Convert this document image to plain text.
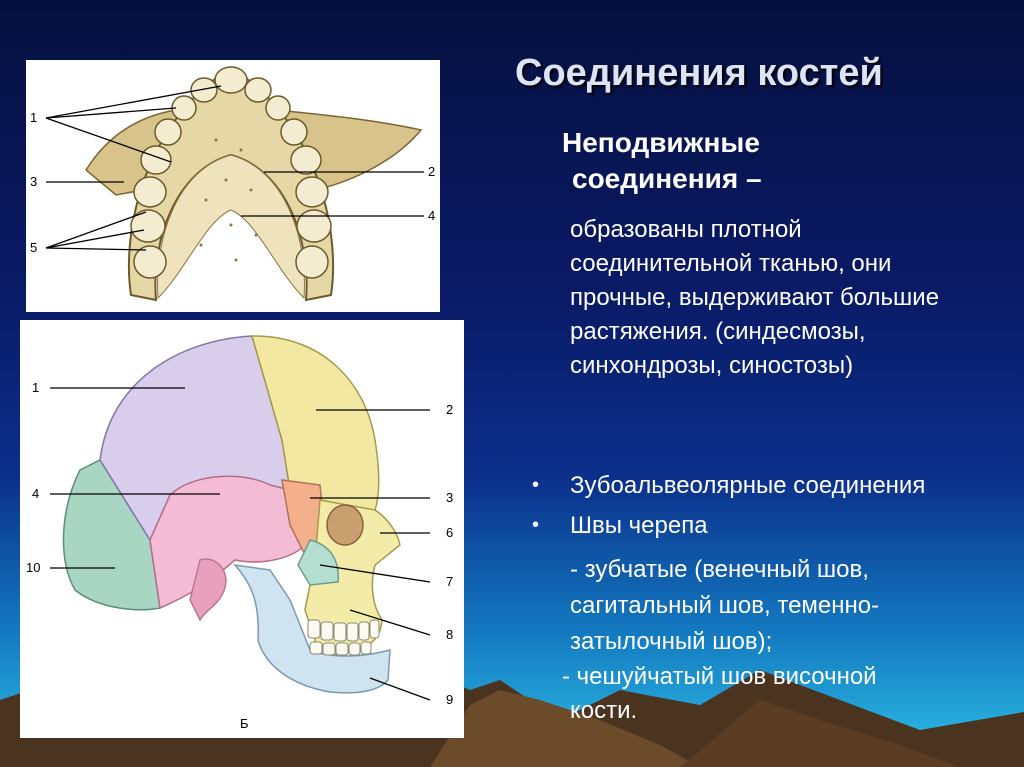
1
3
5
2
4
1
4
10
2
3
6
7
8
9
Б
Соединения костей
Неподвижные
соединения –
образованы плотной
соединительной тканью, они
прочные, выдерживают большие
растяжения. (синдесмозы,
синхондрозы, синостозы)
• Зубоальвеолярные соединения
• Швы черепа
- зубчатые (венечный шов,
сагитальный шов, теменно-
затылочный шов);
- чешуйчатый шов височной
кости.
